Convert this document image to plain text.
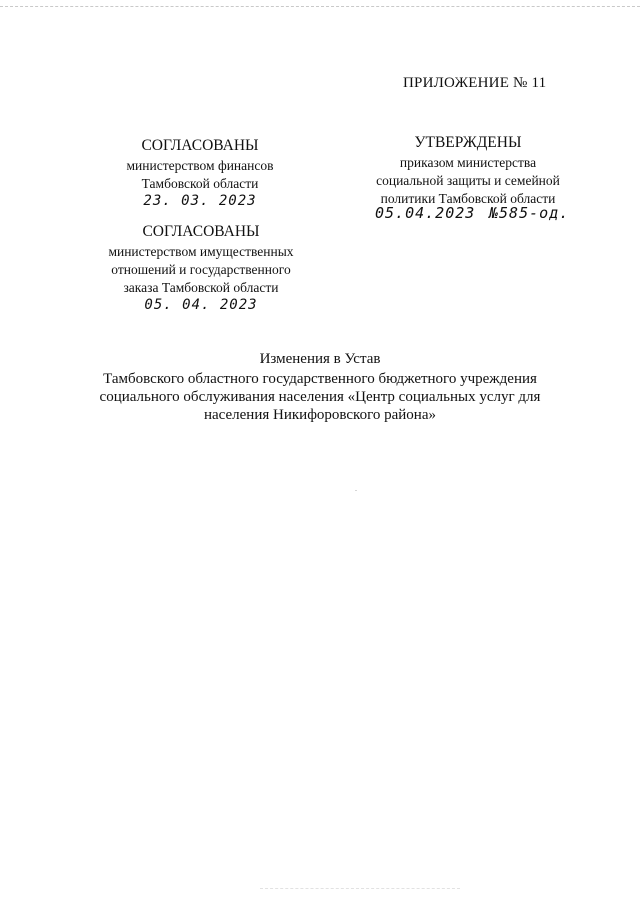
ПРИЛОЖЕНИЕ № 11
СОГЛАСОВАНЫ
министерством финансов
Тамбовской области
23. 03. 2023
СОГЛАСОВАНЫ
министерством имущественных
отношений и государственного
заказа Тамбовской области
05. 04. 2023
УТВЕРЖДЕНЫ
приказом министерства
социальной защиты и семейной
политики Тамбовской области
05.04.2023 №585-од.
Изменения в Устав
Тамбовского областного государственного бюджетного учреждения
социального обслуживания населения «Центр социальных услуг для
населения Никифоровского района»
